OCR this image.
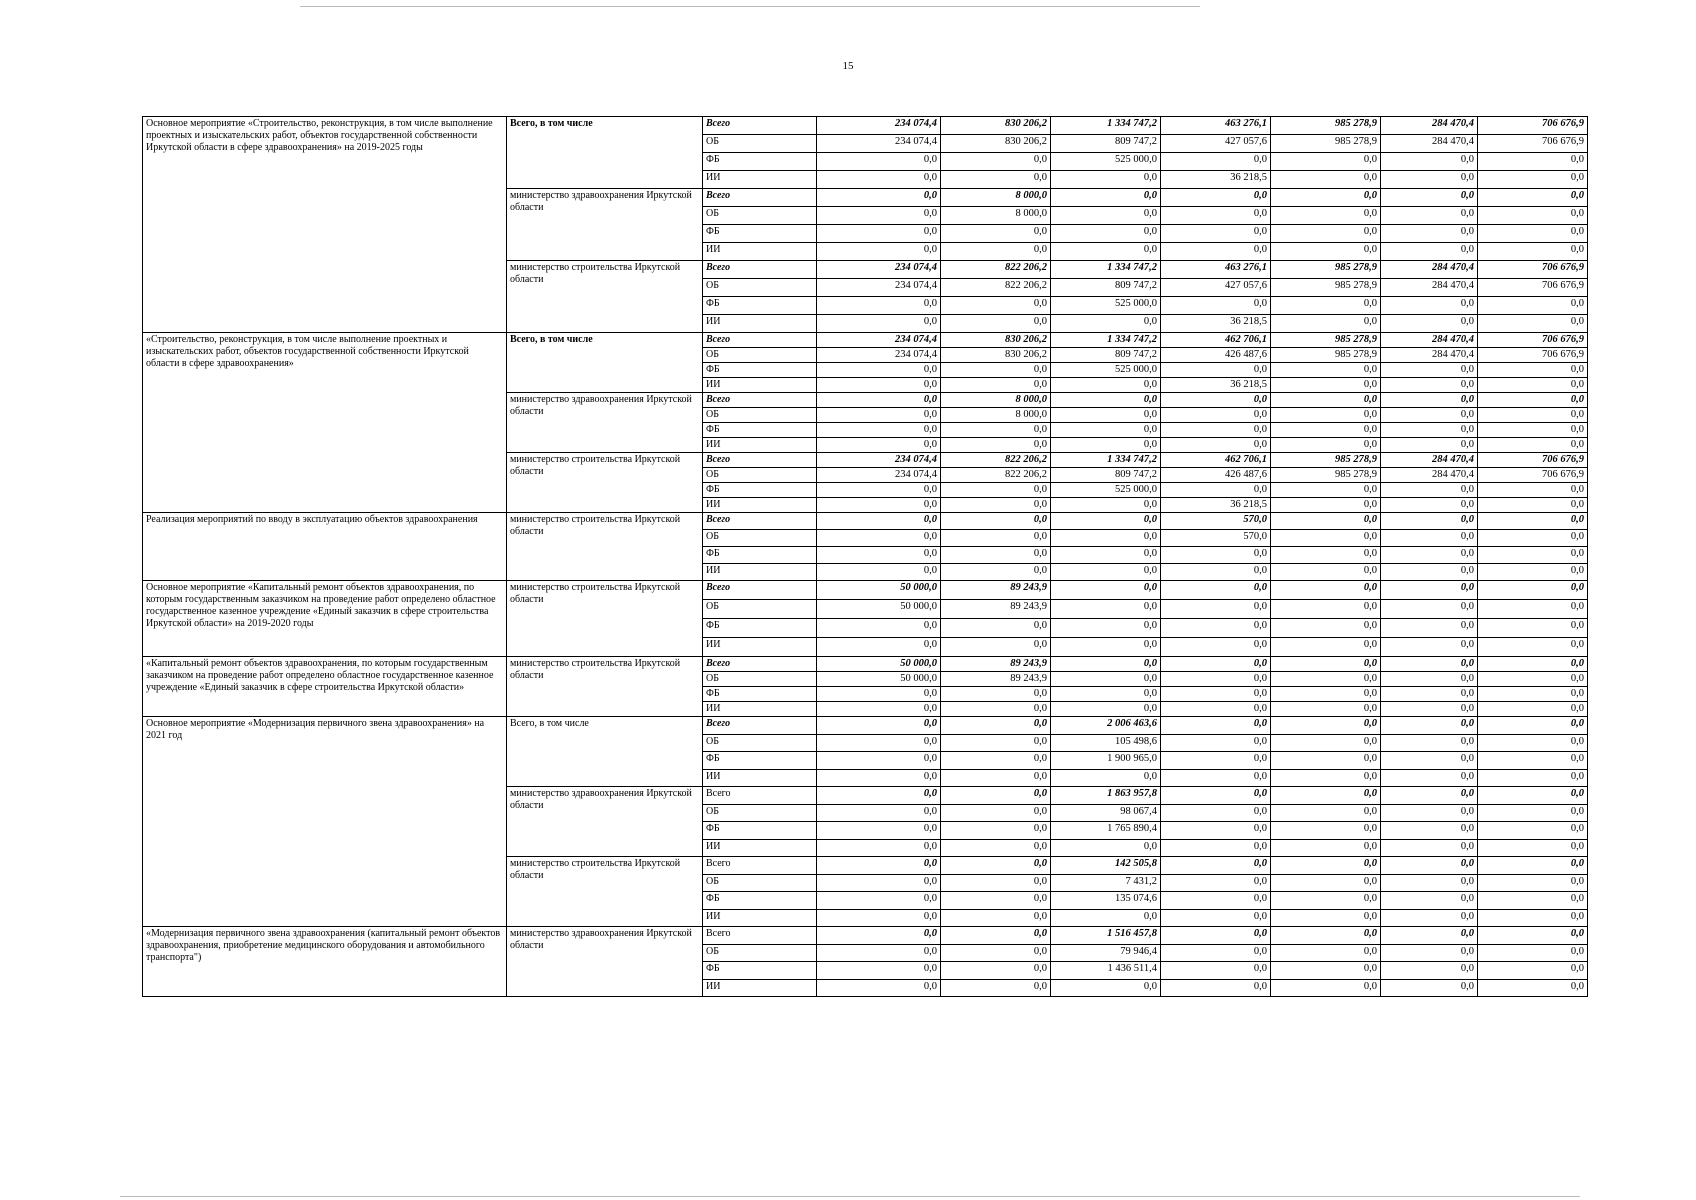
15
Основное мероприятие «Строительство, реконструкция, в том числе выполнение проектных и изыскательских работ, объектов государственной собственности Иркутской области в сфере здравоохранения» на 2019-2025 годы	Всего, в том числе	Всего	234 074,4	830 206,2	1 334 747,2	463 276,1	985 278,9	284 470,4	706 676,9
		ОБ	234 074,4	830 206,2	809 747,2	427 057,6	985 278,9	284 470,4	706 676,9
		ФБ	0,0	0,0	525 000,0	0,0	0,0	0,0	0,0
		ИИ	0,0	0,0	0,0	36 218,5	0,0	0,0	0,0
	министерство здравоохранения Иркутской области	Всего	0,0	8 000,0	0,0	0,0	0,0	0,0	0,0
		ОБ	0,0	8 000,0	0,0	0,0	0,0	0,0	0,0
		ФБ	0,0	0,0	0,0	0,0	0,0	0,0	0,0
		ИИ	0,0	0,0	0,0	0,0	0,0	0,0	0,0
	министерство строительства Иркутской области	Всего	234 074,4	822 206,2	1 334 747,2	463 276,1	985 278,9	284 470,4	706 676,9
		ОБ	234 074,4	822 206,2	809 747,2	427 057,6	985 278,9	284 470,4	706 676,9
		ФБ	0,0	0,0	525 000,0	0,0	0,0	0,0	0,0
		ИИ	0,0	0,0	0,0	36 218,5	0,0	0,0	0,0
«Строительство, реконструкция, в том числе выполнение проектных и изыскательских работ, объектов государственной собственности Иркутской области в сфере здравоохранения»	Всего, в том числе	Всего	234 074,4	830 206,2	1 334 747,2	462 706,1	985 278,9	284 470,4	706 676,9
		ОБ	234 074,4	830 206,2	809 747,2	426 487,6	985 278,9	284 470,4	706 676,9
		ФБ	0,0	0,0	525 000,0	0,0	0,0	0,0	0,0
		ИИ	0,0	0,0	0,0	36 218,5	0,0	0,0	0,0
	министерство здравоохранения Иркутской области	Всего	0,0	8 000,0	0,0	0,0	0,0	0,0	0,0
		ОБ	0,0	8 000,0	0,0	0,0	0,0	0,0	0,0
		ФБ	0,0	0,0	0,0	0,0	0,0	0,0	0,0
		ИИ	0,0	0,0	0,0	0,0	0,0	0,0	0,0
	министерство строительства Иркутской области	Всего	234 074,4	822 206,2	1 334 747,2	462 706,1	985 278,9	284 470,4	706 676,9
		ОБ	234 074,4	822 206,2	809 747,2	426 487,6	985 278,9	284 470,4	706 676,9
		ФБ	0,0	0,0	525 000,0	0,0	0,0	0,0	0,0
		ИИ	0,0	0,0	0,0	36 218,5	0,0	0,0	0,0
Реализация мероприятий по вводу в эксплуатацию объектов здравоохранения	министерство строительства Иркутской области	Всего	0,0	0,0	0,0	570,0	0,0	0,0	0,0
		ОБ	0,0	0,0	0,0	570,0	0,0	0,0	0,0
		ФБ	0,0	0,0	0,0	0,0	0,0	0,0	0,0
		ИИ	0,0	0,0	0,0	0,0	0,0	0,0	0,0
Основное мероприятие «Капитальный ремонт объектов здравоохранения, по которым государственным заказчиком на проведение работ определено областное государственное казенное учреждение «Единый заказчик в сфере строительства Иркутской области» на 2019-2020 годы	министерство строительства Иркутской области	Всего	50 000,0	89 243,9	0,0	0,0	0,0	0,0	0,0
		ОБ	50 000,0	89 243,9	0,0	0,0	0,0	0,0	0,0
		ФБ	0,0	0,0	0,0	0,0	0,0	0,0	0,0
		ИИ	0,0	0,0	0,0	0,0	0,0	0,0	0,0
«Капитальный ремонт объектов здравоохранения, по которым государственным заказчиком на проведение работ определено областное государственное казенное учреждение «Единый заказчик в сфере строительства Иркутской области»	министерство строительства Иркутской области	Всего	50 000,0	89 243,9	0,0	0,0	0,0	0,0	0,0
		ОБ	50 000,0	89 243,9	0,0	0,0	0,0	0,0	0,0
		ФБ	0,0	0,0	0,0	0,0	0,0	0,0	0,0
		ИИ	0,0	0,0	0,0	0,0	0,0	0,0	0,0
Основное мероприятие «Модернизация первичного звена здравоохранения» на 2021 год	Всего, в том числе	Всего	0,0	0,0	2 006 463,6	0,0	0,0	0,0	0,0
		ОБ	0,0	0,0	105 498,6	0,0	0,0	0,0	0,0
		ФБ	0,0	0,0	1 900 965,0	0,0	0,0	0,0	0,0
		ИИ	0,0	0,0	0,0	0,0	0,0	0,0	0,0
	министерство здравоохранения Иркутской области	Всего	0,0	0,0	1 863 957,8	0,0	0,0	0,0	0,0
		ОБ	0,0	0,0	98 067,4	0,0	0,0	0,0	0,0
		ФБ	0,0	0,0	1 765 890,4	0,0	0,0	0,0	0,0
		ИИ	0,0	0,0	0,0	0,0	0,0	0,0	0,0
	министерство строительства Иркутской области	Всего	0,0	0,0	142 505,8	0,0	0,0	0,0	0,0
		ОБ	0,0	0,0	7 431,2	0,0	0,0	0,0	0,0
		ФБ	0,0	0,0	135 074,6	0,0	0,0	0,0	0,0
		ИИ	0,0	0,0	0,0	0,0	0,0	0,0	0,0
«Модернизация первичного звена здравоохранения (капитальный ремонт объектов здравоохранения, приобретение медицинского оборудования и автомобильного транспорта")	министерство здравоохранения Иркутской области	Всего	0,0	0,0	1 516 457,8	0,0	0,0	0,0	0,0
		ОБ	0,0	0,0	79 946,4	0,0	0,0	0,0	0,0
		ФБ	0,0	0,0	1 436 511,4	0,0	0,0	0,0	0,0
		ИИ	0,0	0,0	0,0	0,0	0,0	0,0	0,0
